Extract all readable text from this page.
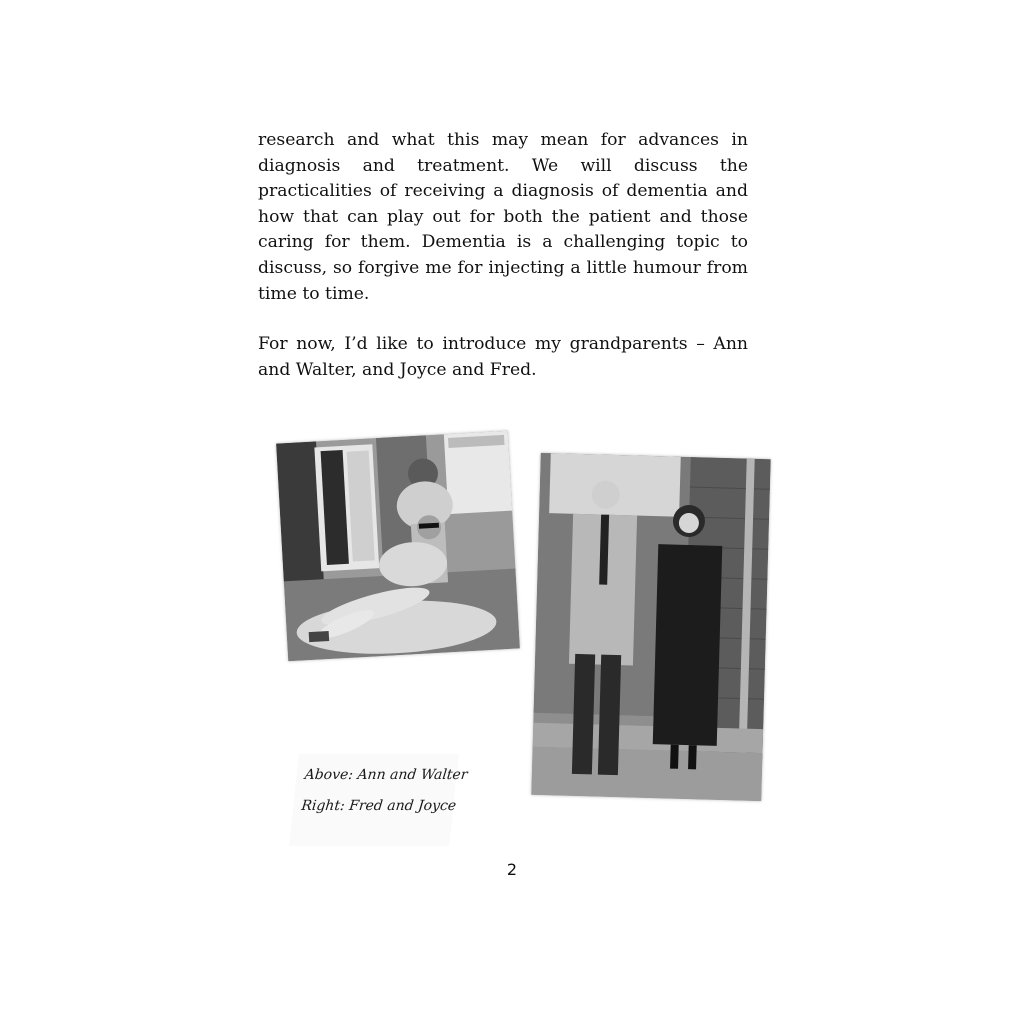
research and what this may mean for advances in diagnosis and treatment. We will discuss the practicalities of receiving a diagnosis of dementia and how that can play out for both the patient and those caring for them. Dementia is a challenging topic to discuss, so forgive me for injecting a little humour from time to time.

For now, I’d like to introduce my grandparents – Ann and Walter, and Joyce and Fred.

Above: Ann and Walter
Right: Fred and Joyce
2
